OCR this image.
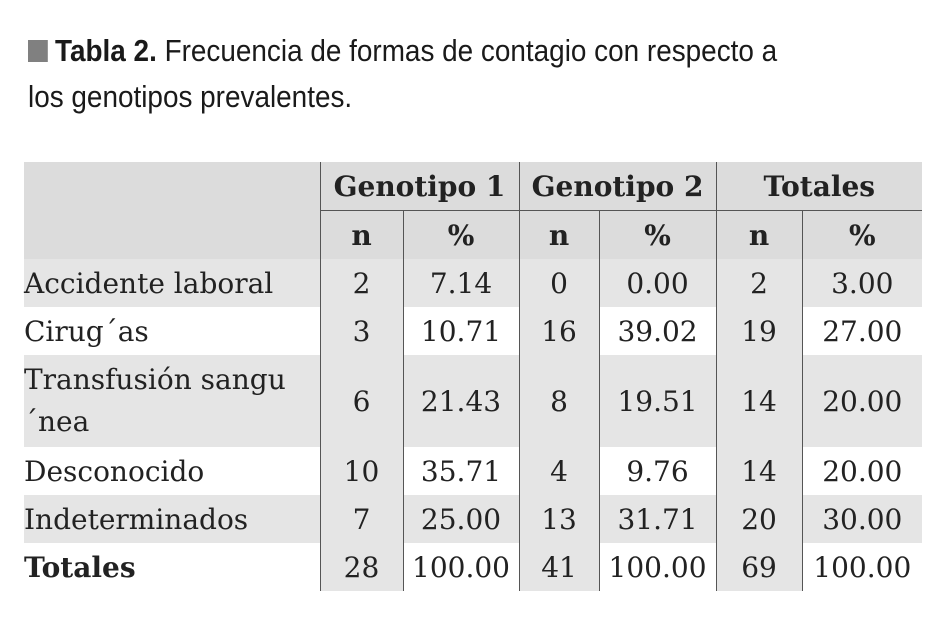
Tabla 2. Frecuencia de formas de contagio con respecto a los genotipos prevalentes.
	Genotipo 1		Genotipo 2		Totales	
	n	%	n	%	n	%
Accidente laboral	2	7.14	0	0.00	2	3.00
Cirug´as	3	10.71	16	39.02	19	27.00
Transfusión sangu´nea	6	21.43	8	19.51	14	20.00
Desconocido	10	35.71	4	9.76	14	20.00
Indeterminados	7	25.00	13	31.71	20	30.00
Totales	28	100.00	41	100.00	69	100.00
